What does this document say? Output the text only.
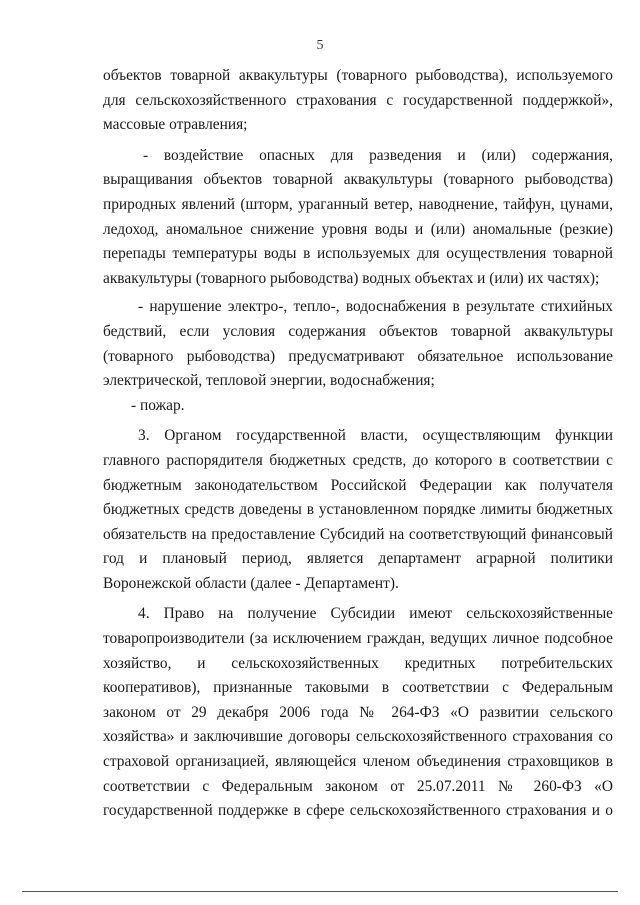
5
объектов товарной аквакультуры (товарного рыбоводства), используемого
для сельскохозяйственного страхования с государственной поддержкой»,
массовые отравления;
- воздействие опасных для разведения и (или) содержания,
выращивания объектов товарной аквакультуры (товарного рыбоводства)
природных явлений (шторм, ураганный ветер, наводнение, тайфун, цунами,
ледоход, аномальное снижение уровня воды и (или) аномальные (резкие)
перепады температуры воды в используемых для осуществления товарной
аквакультуры (товарного рыбоводства) водных объектах и (или) их частях);
- нарушение электро-, тепло-, водоснабжения в результате стихийных
бедствий, если условия содержания объектов товарной аквакультуры
(товарного рыбоводства) предусматривают обязательное использование
электрической, тепловой энергии, водоснабжения;
- пожар.
3. Органом государственной власти, осуществляющим функции
главного распорядителя бюджетных средств, до которого в соответствии с
бюджетным законодательством Российской Федерации как получателя
бюджетных средств доведены в установленном порядке лимиты бюджетных
обязательств на предоставление Субсидий на соответствующий финансовый
год и плановый период, является департамент аграрной политики
Воронежской области (далее - Департамент).
4. Право на получение Субсидии имеют сельскохозяйственные
товаропроизводители (за исключением граждан, ведущих личное подсобное
хозяйство, и сельскохозяйственных кредитных потребительских
кооперативов), признанные таковыми в соответствии с Федеральным
законом от 29 декабря 2006 года № 264-ФЗ «О развитии сельского
хозяйства» и заключившие договоры сельскохозяйственного страхования со
страховой организацией, являющейся членом объединения страховщиков в
соответствии с Федеральным законом от 25.07.2011 № 260-ФЗ «О
государственной поддержке в сфере сельскохозяйственного страхования и о
